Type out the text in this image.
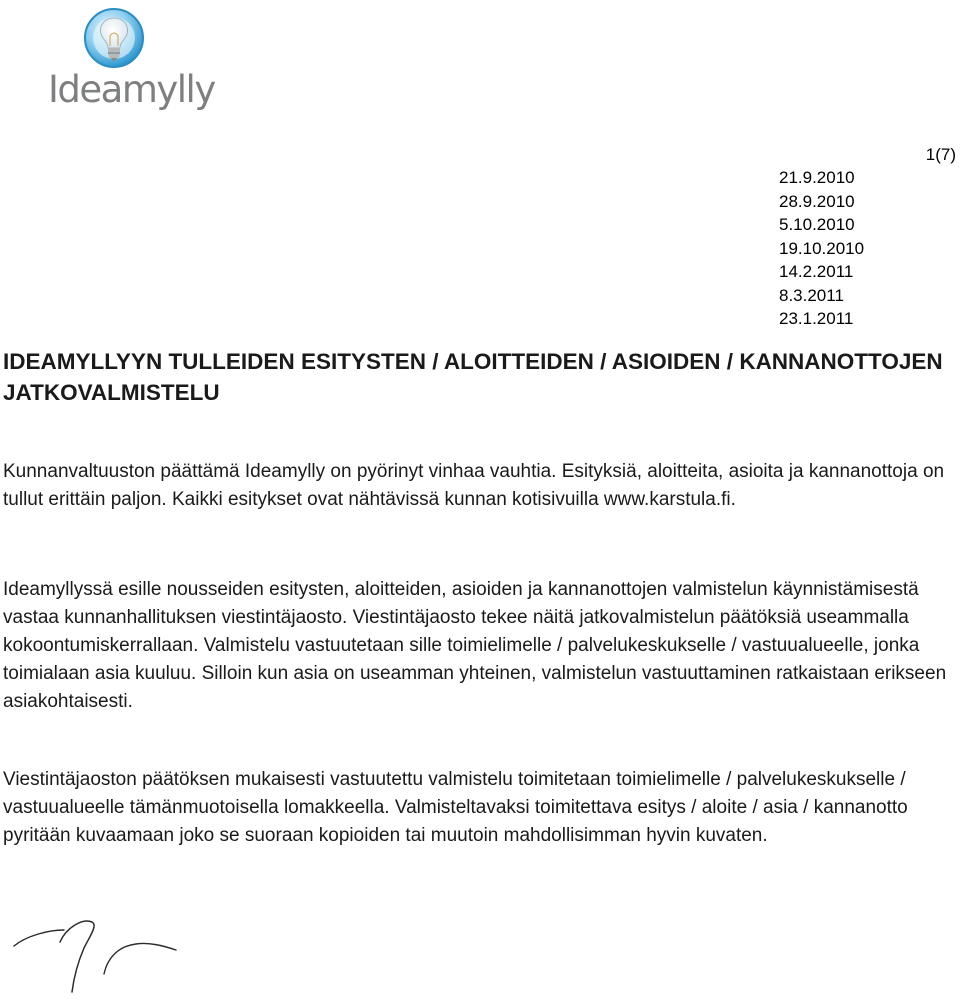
Ideamylly
1(7)
21.9.2010
28.9.2010
5.10.2010
19.10.2010
14.2.2011
8.3.2011
23.1.2011
IDEAMYLLYYN TULLEIDEN ESITYSTEN / ALOITTEIDEN / ASIOIDEN / KANNANOTTOJEN JATKOVALMISTELU

Kunnanvaltuuston päättämä Ideamylly on pyörinyt vinhaa vauhtia. Esityksiä, aloitteita, asioita ja kannanottoja on tullut erittäin paljon. Kaikki esitykset ovat nähtävissä kunnan kotisivuilla www.karstula.fi.

Ideamyllyssä esille nousseiden esitysten, aloitteiden, asioiden ja kannanottojen valmistelun käynnistämisestä vastaa kunnanhallituksen viestintäjaosto. Viestintäjaosto tekee näitä jatkovalmistelun päätöksiä useammalla kokoontumiskerrallaan. Valmistelu vastuutetaan sille toimielimelle / palvelukeskukselle / vastuualueelle, jonka toimialaan asia kuuluu. Silloin kun asia on useamman yhteinen, valmistelun vastuuttaminen ratkaistaan erikseen asiakohtaisesti.

Viestintäjaoston päätöksen mukaisesti vastuutettu valmistelu toimitetaan toimielimelle / palvelukeskukselle / vastuualueelle tämänmuotoisella lomakkeella. Valmisteltavaksi toimitettava esitys / aloite / asia / kannanotto pyritään kuvaamaan joko se suoraan kopioiden tai muutoin mahdollisimman hyvin kuvaten.
